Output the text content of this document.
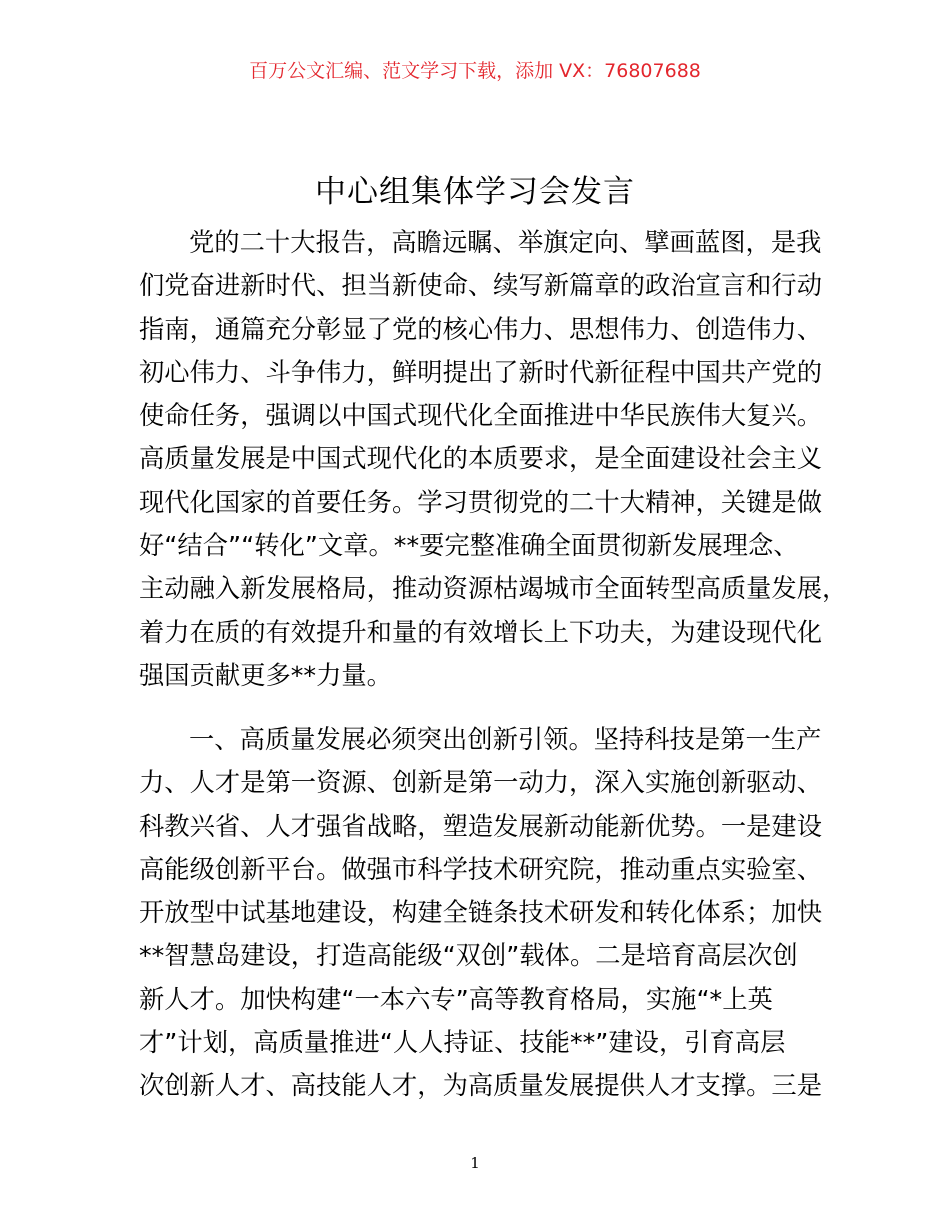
百万公文汇编、范文学习下载，添加 VX：76807688
中心组集体学习会发言
党的二十大报告，高瞻远瞩、举旗定向、擘画蓝图，是我
们党奋进新时代、担当新使命、续写新篇章的政治宣言和行动
指南，通篇充分彰显了党的核心伟力、思想伟力、创造伟力、
初心伟力、斗争伟力，鲜明提出了新时代新征程中国共产党的
使命任务，强调以中国式现代化全面推进中华民族伟大复兴。
高质量发展是中国式现代化的本质要求，是全面建设社会主义
现代化国家的首要任务。学习贯彻党的二十大精神，关键是做
好“结合”“转化”文章。**要完整准确全面贯彻新发展理念、
主动融入新发展格局，推动资源枯竭城市全面转型高质量发展，
着力在质的有效提升和量的有效增长上下功夫，为建设现代化
强国贡献更多**力量。
一、高质量发展必须突出创新引领。坚持科技是第一生产
力、人才是第一资源、创新是第一动力，深入实施创新驱动、
科教兴省、人才强省战略，塑造发展新动能新优势。一是建设
高能级创新平台。做强市科学技术研究院，推动重点实验室、
开放型中试基地建设，构建全链条技术研发和转化体系；加快
**智慧岛建设，打造高能级“双创”载体。二是培育高层次创
新人才。加快构建“一本六专”高等教育格局，实施“*上英
才”计划，高质量推进“人人持证、技能**”建设，引育高层
次创新人才、高技能人才，为高质量发展提供人才支撑。三是
1
